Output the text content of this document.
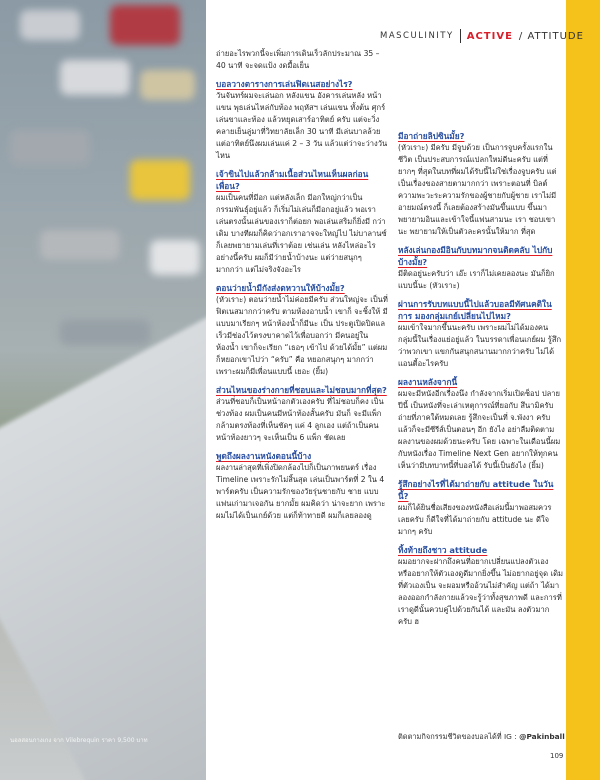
นอลสอนกางเกง จาก Vilebrequin ราคา 9,500 บาท
MASCULINITY ACTIVE / ATTITUDE

ถ่ายอะไรพวกนี้จะเพิ่มการเดินเร็วลักประมาณ 35 – 40 นาที จะจดแป้ง งดมื้อเย็น

บอลวางตารางการเล่นฟิตเนสอย่างไร?

วันจันทร์ผมจะเล่นอก หลังแขน อังคารเล่นหลัง หน้าแขน พุธเล่นไหล่กับท้อง พฤหัสฯ เล่นแขน ทั้งต้น ศุกร์เล่นขาและท้อง แล้วหยุดเสาร์อาทิตย์ ครับ แต่จะวิ่งคลายเย็นลู่มาที่วิทยาลัยเล็ก 30 นาที มีเล่นบาลล้วย แต่อาทิตย์นึงผมเล่นแค่ 2 – 3 วัน แล้วแต่ว่าจะว่างวันไหน

เจ้าขินไปแล้วกล้ามเนื้อส่วนไหนเห็นผลก่อนเพื่อน?

ผมเป็นคนที่มีอก แต่หลังเล็ก มีอกใหญ่กว่าเป็น กรรมพันธุ์อยู่แล้ว ก็เริ่มไม่เล่นก็มีอกอยู่แล้ว พอเรา เล่นตรงนั้นเล่นของเราก็ต่อยก พอเล่นเสริมก็ยิ่งมี กว่าเดิม บางทีผมก็คิดว่าอกเราอาจจะใหญ่ไป ไม่บาลานซ์ ก็เลยพยายามเล่นที่เราต้อย เช่นเล่น หลังไหล่อะไรอย่างนี้ครับ ผมก็มีว่ายน้ำบ้างนะ แต่ว่ายสนุกๆ มากกว่า แต่ไม่จริงจังอะไร

ตอนว่ายน้ำมีกังส่งตหวานให้บ้างมั้ย?

(หัวเราะ) ตอนว่ายน้ำไม่ค่อยมีครับ ส่วนใหญ่จะ เป็นที่ฟิตเนสมากกว่าครับ ตามห้องอาบน้ำ เขาก็ จะชิ้งให้ มีแบบมาเรียกๆ หน้าห้องน้ำก็มีนะ เป็น ประตูเปิดปิดแลเร็วมีช่องไว้ตรงขาคาดไว้เพื่อบอกว่า มีคนอยู่ในห้องน้ำ เขาก็จะเรียก “เธอๆ เข้าไป ด้วยได้มั้ย” แต่ผมก็หยอกเขาไปว่า “ครับ” คือ หยอกสนุกๆ มากกว่า เพราะผมก็มีเพื่อนแบบนี้ เยอะ (ยิ้ม)

ส่วนไหนของร่างกายที่ชอบและไม่ชอบมากที่สุด?

ส่วนที่ชอบก็เป็นหน้าอกตัวเองครับ ที่ไม่ชอบก็คง เป็นช่วงท้อง ผมเป็นคนมีหน้าท้องสั้นครับ มันก็ จะมีแพ็กกล้ามตรงท้องที่เห็นชัดๆ แค่ 4 ลูกเอง แต่ถ้าเป็นคนหน้าท้องยาวๆ จะเห็นเป็น 6 แพ็ก ชัดเลย

พูดถึงผลงานหนังตอนนี้บ้าง

ผลงานล่าสุดที่เพิ่งปิดกล้องไปก็เป็นภาพยนตร์ เรื่อง Timeline เพราะรักไม่สิ้นสุด เล่นเป็นพาร์ตที่ 2 ใน 4 พาร์ตครับ เป็นความรักของวัยรุ่นชายกับ ชาย แบบแฟนเก่ามาเจอกัน ยากมั้ย ผมคิดว่า น่าจะยาก เพราะผมไม่ได้เป็นเกย์ด้วย แต่ก็ท้าทายดี ผมก็เลยลองดู

มีอาถ่ายลิปซินมั้ย?

(หัวเราะ) มีครับ มีจูบด้วย เป็นการจูบครั้งแรกใน ชีวิต เป็นประสบการณ์แปลกใหม่ดีนะครับ แต่ที่ ยากๆ ที่สุดในบทที่ผมได้รับนี้ไม่ใช่เรื่องจูบครับ แต่เป็นเรื่องของสายตามากกว่า เพราะตอนที่ บิลต์ความพะวะระความรักของผู้ชายกับผู้ชาย เราไม่มีอายมณ์ตรงนี้ ก็เลยต้องสร้างมันขึ้นแบบ ขึ้นมา พยายามอินและเข้าใจนี้แฟนสามนะ เรา ชอบเขานะ พยายามให้เป็นตัวละครนั้นให้มาก ที่สุด

หลังเล่นกองมีอินกับบทมากจนติดคลับ ไปกับบ้างมั้ย?

มีติดอยู่นะครับว่า เอ๊ะ เราก็ไม่เคยลองนะ มันก็ยิกแบบนี้นะ (หัวเราะ)

ผ่านการรับบทแบบนี้ไปแล้วบอลมีทัศนคติในการ มองกลุ่มเกย์เปลี่ยนไปไหม?

ผมเข้าใจมากขึ้นนะครับ เพราะผมไม่ได้มองคน กลุ่มนี้ในเรื่องแย่อยู่แล้ว ในบรรดาเพื่อนเกย์ผม รู้สึกว่าพวกเขา แขกกันสนุกสนานมากกว่าครับ ไม่ได้แอนตี้อะไรครับ

ผลงานหลังจากนี้

ผมจะมีหนังอีกเรื่องนึง กำลังจากเริ่มเปิดช็อป ปลายปีนี้ เป็นหนังที่จะเล่าเหตุการณ์ที่ยอกับ สึนามิครับ ถ่ายที่ภาคใต้หมดเลย รู้สึกจะเป็นที่ จ.พังงา ครับ แล้วก็จะมีซีรีส์เป็นตอนๆ อีก ยังไง อย่าลืมติดตามผลงานของผมด้วยนะครับ โดย เฉพาะในเดือนนี้ผม กับหนังเรื่อง Timeline Next Gen อยากให้ทุกคนเห็นว่ามีบทบาทนี้ที่บอลได้ รับนี้เป็นยังไง (ยิ้ม)

รู้สึกอย่างไรที่ได้มาถ่ายกับ attitude ในวันนี้?

ผมก็ได้ยินชื่อเสียงของหนังสือเล่มนี้มาพอสมควร เลยครับ ก็ดีใจที่ได้มาถ่ายกับ attitude นะ ดีใจ มากๆ ครับ

ทิ้งท้ายถึงชาว attitude

ผมอยากจะฝากถึงคนที่อยากเปลี่ยนแปลงตัวเอง หรืออยากให้ตัวเองดูดีมากยิ่งขึ้น ไม่อยากอยู่จุด เดิมที่ตัวเองเป็น จะผอมหรืออ้วนไม่สำคัญ แต่ถ้า ได้มาลองออกกำลังกายแล้วจะรู้ว่าทั้งสุขภาพดี และการที่เราดูดีนั้นควบคู่ไปด้วยกันได้ และมัน ลงตัวมากครับ ฮ

ติดตามกิจกรรมชีวิตของบอลได้ที่ IG : @Pakinball
109
